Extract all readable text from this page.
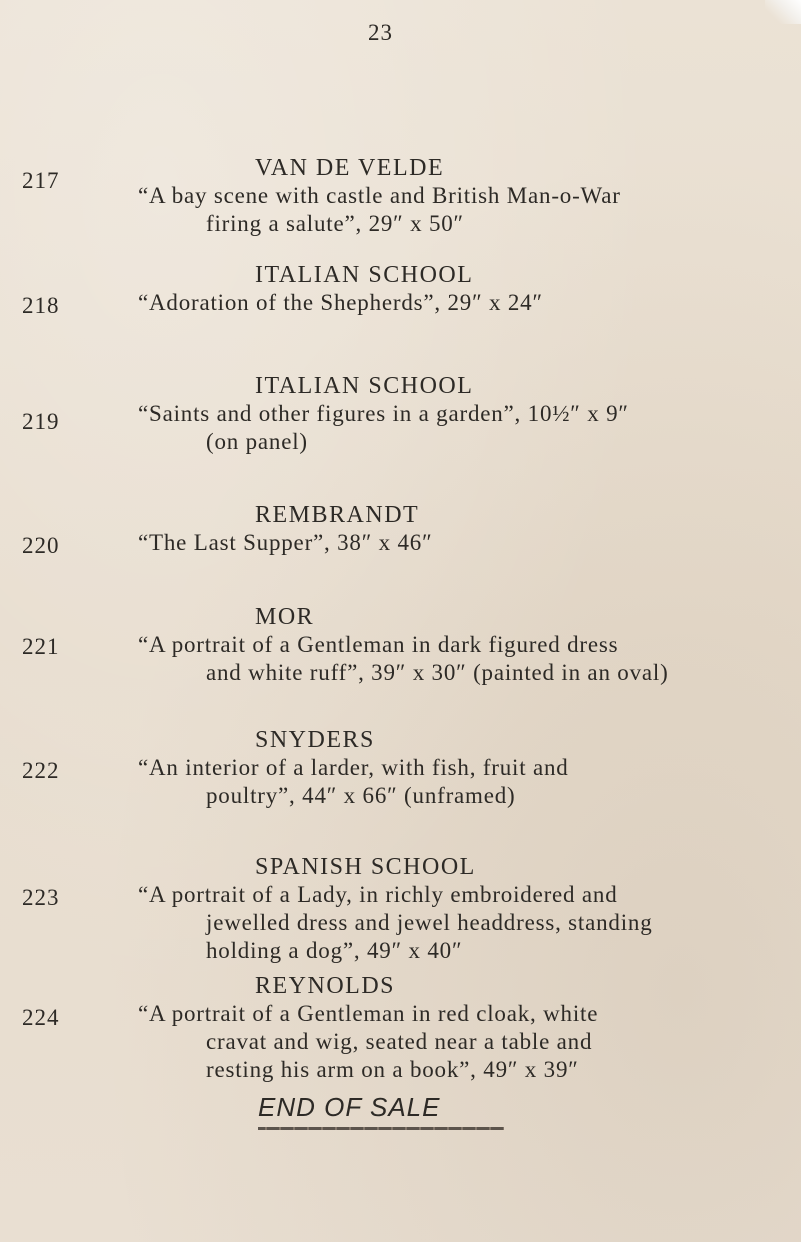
23
217	VAN DE VELDE
“A bay scene with castle and British Man-o-War
firing a salute”, 29″ x 50″
218
ITALIAN SCHOOL
“Adoration of the Shepherds”, 29″ x 24″
219
ITALIAN SCHOOL
“Saints and other figures in a garden”, 10½″ x 9″
(on panel)
220
REMBRANDT
“The Last Supper”, 38″ x 46″
221
MOR
“A portrait of a Gentleman in dark figured dress
and white ruff”, 39″ x 30″ (painted in an oval)
222
SNYDERS
“An interior of a larder, with fish, fruit and
poultry”, 44″ x 66″ (unframed)
223
SPANISH SCHOOL
“A portrait of a Lady, in richly embroidered and
jewelled dress and jewel headdress, standing
holding a dog”, 49″ x 40″
224
REYNOLDS
“A portrait of a Gentleman in red cloak, white
cravat and wig, seated near a table and
resting his arm on a book”, 49″ x 39″
END OF SALE
